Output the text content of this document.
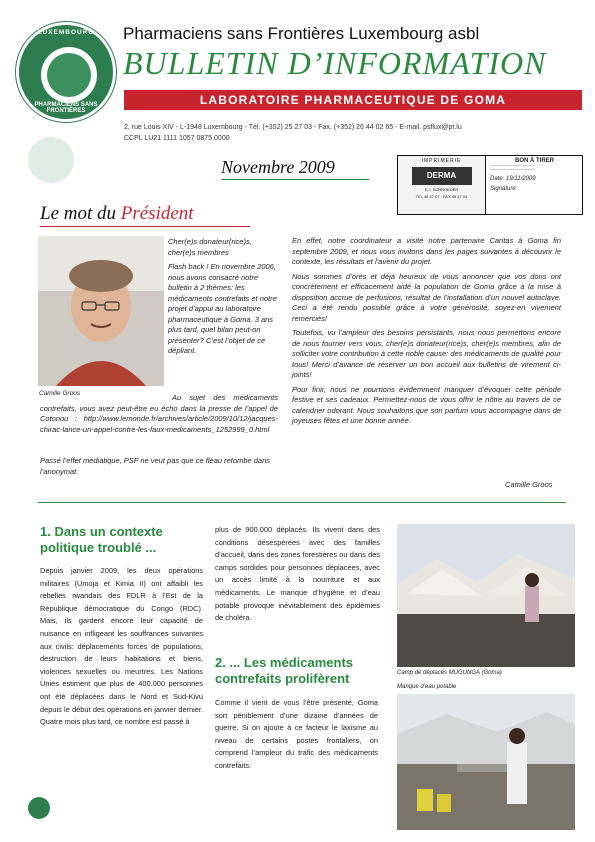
LUXEMBOURG
PHARMACIENS SANS FRONTIÈRES
Pharmaciens sans Frontières Luxembourg asbl
BULLETIN D’INFORMATION
LABORATOIRE PHARMACEUTIQUE DE GOMA
2, rue Louis XIV - L-1948 Luxembourg - Tél. (+352) 25 27 03 - Fax. (+352) 26 44 02 65 - E-mail. psflux@pt.lu
CCPL LU21 1111 1057 0875 0000
Novembre 2009	IMPRIMERIE
DERMA
E.J. SCHROEDER
TEL 48 47 07 · FAX 48 47 04
BON À TIRER
──────────────────
──────────────────
Date: 19/11/2009
Signature
Le mot du Président
Camille Groos
Cher(e)s donateur(rice)s, cher(e)s membres
Flash back ! En novembre 2006, nous avons consacré notre bulletin à 2 thèmes: les médicaments contrefaits et notre projet d’appui au laboratoire pharmaceutique à Goma. 3 ans plus tard, quel bilan peut-on présenter? C’est l’objet de ce dépliant.
Au sujet des médicaments contrefaits, vous avez peut-être eu écho dans la presse de l’appel de Cotonou : http://www.lemonde.fr/archives/article/2009/10/12/jacques-chirac-lance-un-appel-contre-les-faux-medicaments_1252999_0.html
Passé l’effet médiatique, PSF ne veut pas que ce fléau retombe dans l’anonymat.

En effet, notre coordinateur a visité notre partenaire Caritas à Goma fin septembre 2009, et nous vous invitons dans les pages suivantes à découvrir le contexte, les résultats et l’avenir du projet.

Nous sommes d’ores et déjà heureux de vous annoncer que vos dons ont concrètement et efficacement aidé la population de Goma grâce à la mise à disposition accrue de perfusions, résultat de l’installation d’un nouvel autoclave. Ceci a été rendu possible grâce à votre générosité, soyez-en vivement remerciés!

Toutefois, vu l’ampleur des besoins persistants, nous nous permettons encore de nous tourner vers vous, cher(e)s donateur(rice)s, cher(e)s membres, afin de solliciter votre contribution à cette noble cause: des médicaments de qualité pour tous! Merci d’avance de réserver un bon accueil aux bulletins de virement ci-joints!

Pour finir, nous ne pourrions évidemment manquer d’évoquer cette période festive et ses cadeaux. Permettez-nous de vous offrir le nôtre au travers de ce calendrier odorant. Nous souhaitons que son parfum vous accompagne dans de joyeuses fêtes et une bonne année.

Camille Groos
1. Dans un contexte politique troublé ...
Depuis janvier 2009, les deux opérations militaires (Umoja et Kimia II) ont affaibli les rebelles rwandais des FDLR à l’Est de la République démocratique du Congo (RDC). Mais, ils gardent encore leur capacité de nuisance en infligeant les souffrances suivantes aux civils: déplacements forcés de populations, destruction de leurs habitations et biens, violences sexuelles ou meurtres. Les Nations Unies estiment que plus de 400.000 personnes ont été déplacées dans le Nord et Sud-Kivu depuis le début des opérations en janvier dernier. Quatre mois plus tard, ce nombre est passé à
plus de 900.000 déplacés. Ils vivent dans des conditions désespérées avec des familles d’accueil, dans des zones forestières ou dans des camps sordides pour personnes déplacées, avec un accès limité à la nourriture et aux médicaments. Le manque d’hygiène et d’eau potable provoque inévitablement des épidémies de choléra.
2. ... Les médicaments contrefaits prolifèrent
Comme il vient de vous l’être présenté, Goma sort péniblement d’une dizaine d’années de guerre. Si on ajoute à ce facteur le laxisme au niveau de certains postes frontaliers, on comprend l’ampleur du trafic des médicaments contrefaits.
Camp de déplacés MUGUNGA (Goma)
Manque d’eau potable
